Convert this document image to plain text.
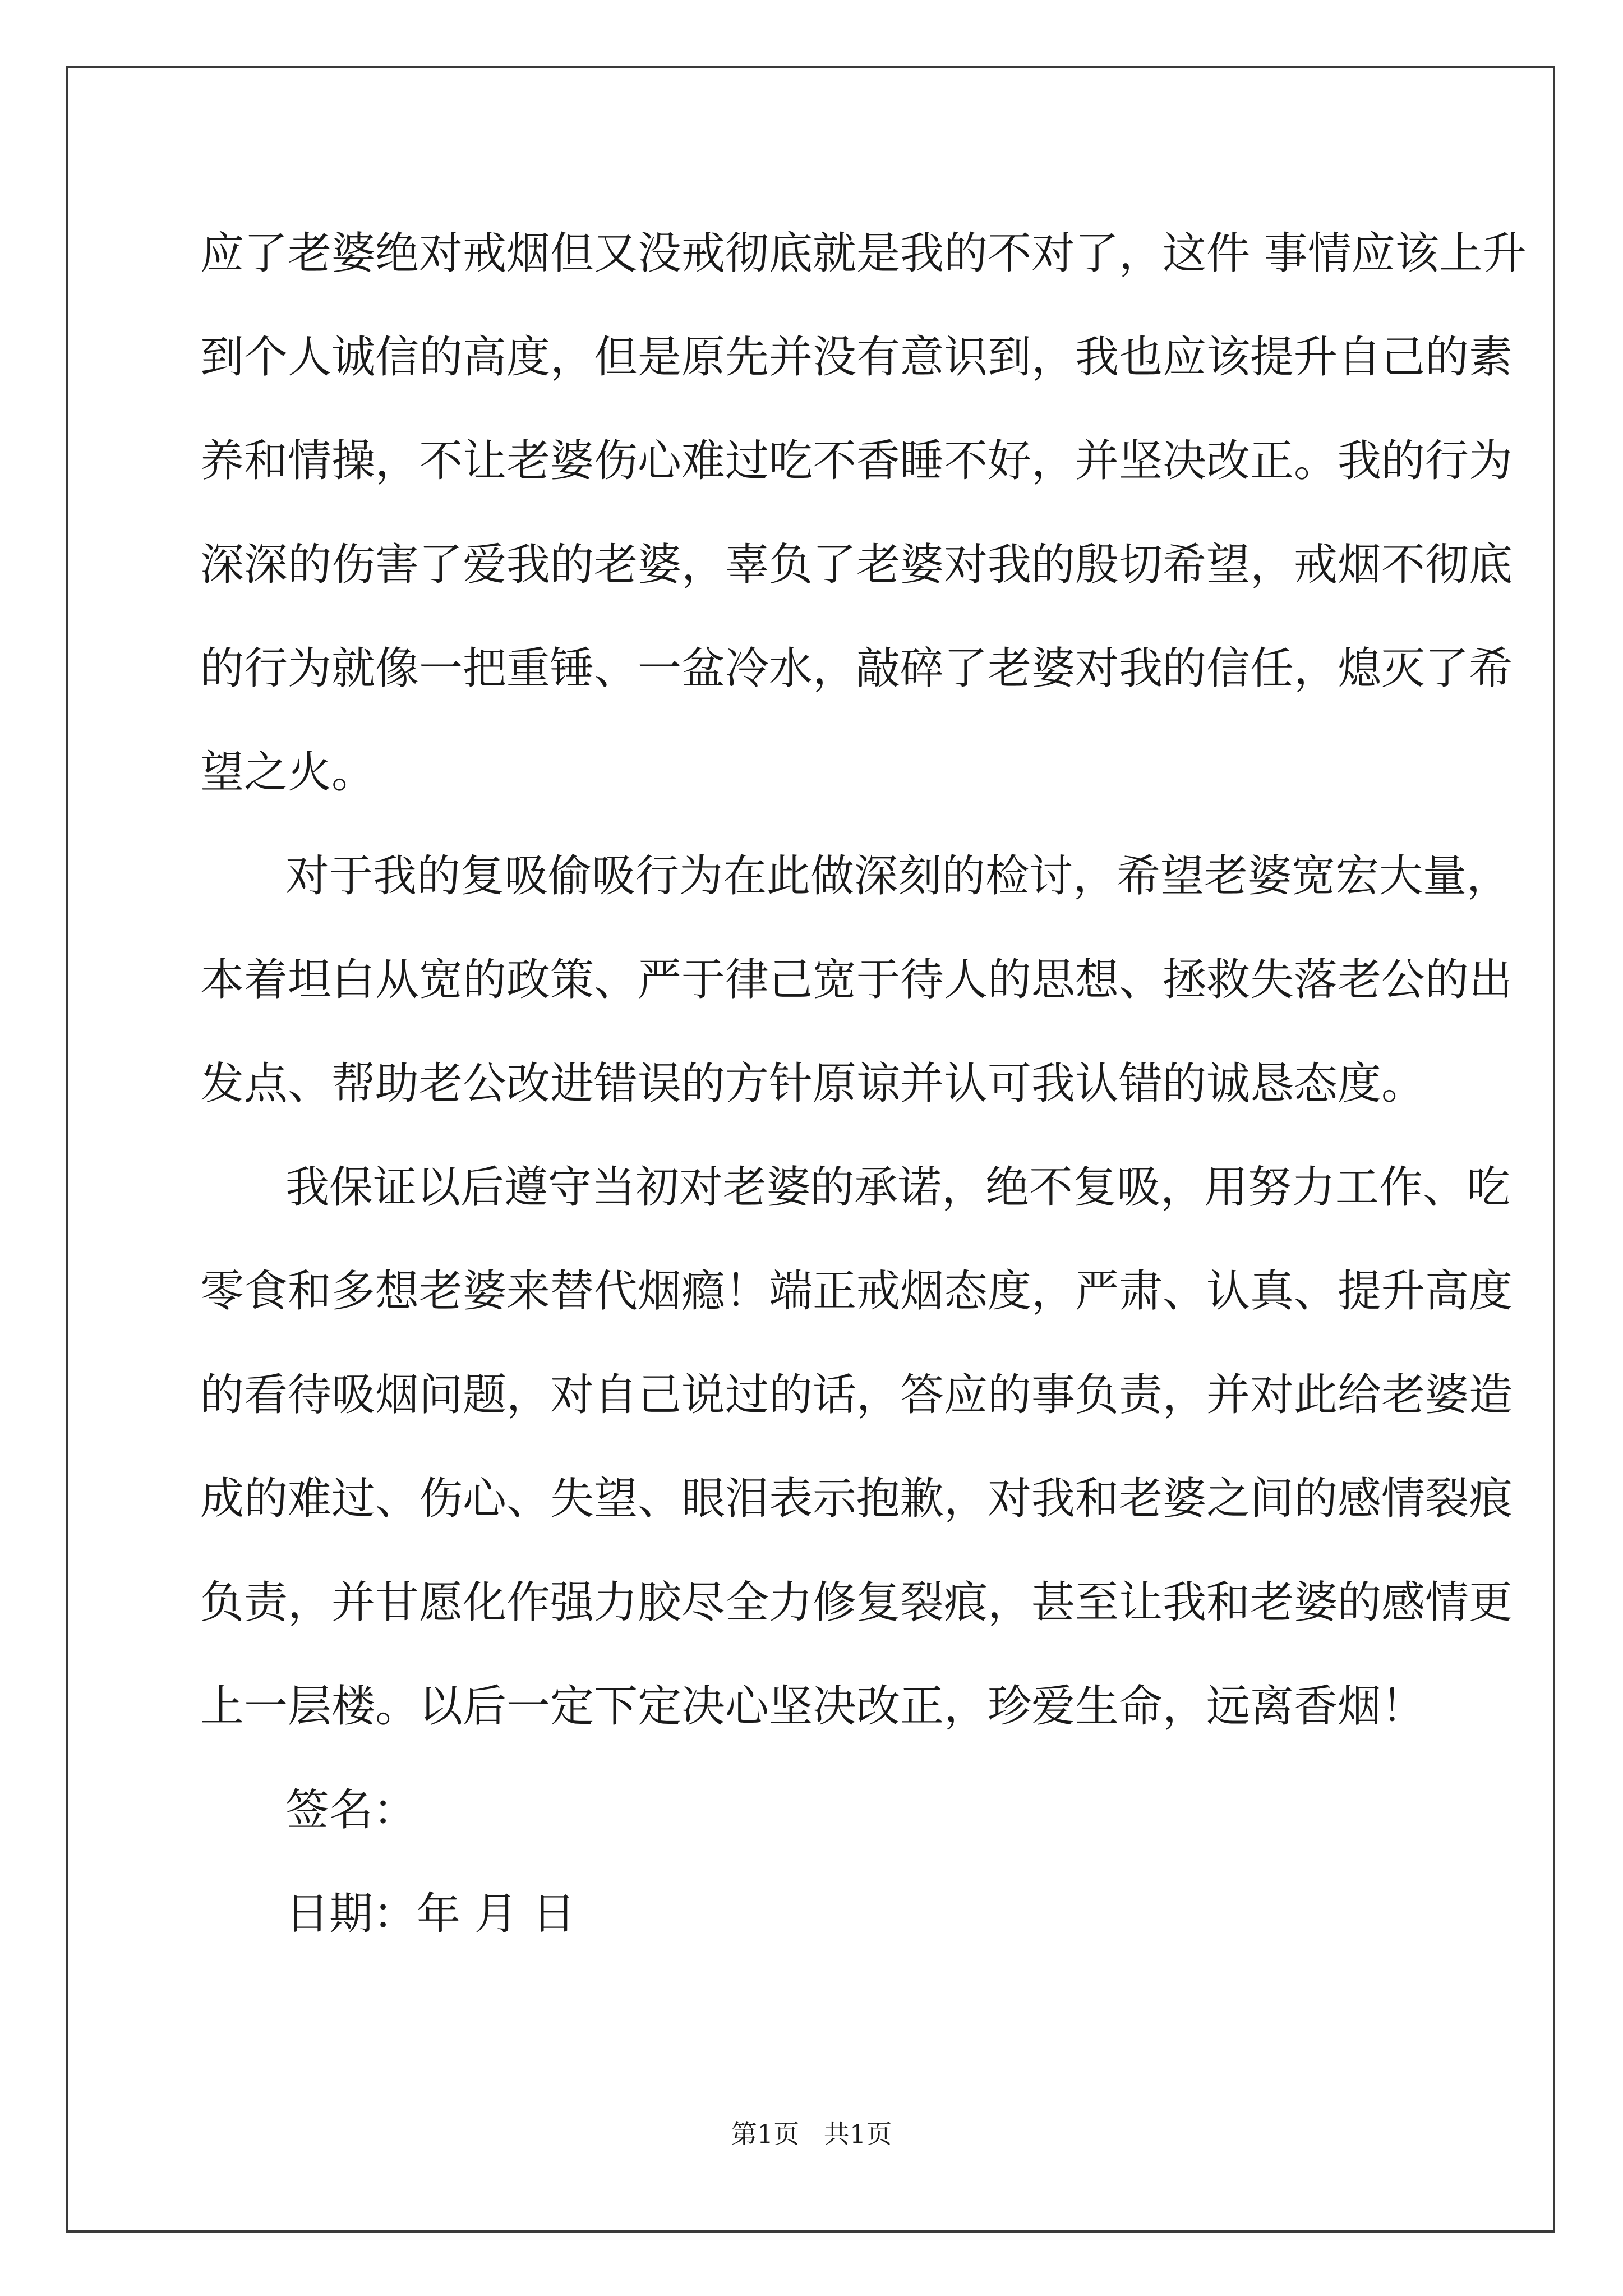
应了老婆绝对戒烟但又没戒彻底就是我的不对了，这件 事情应该上升
到个人诚信的高度，但是原先并没有意识到，我也应该提升自己的素
养和情操，不让老婆伤心难过吃不香睡不好，并坚决改正。我的行为
深深的伤害了爱我的老婆，辜负了老婆对我的殷切希望，戒烟不彻底
的行为就像一把重锤、一盆冷水，敲碎了老婆对我的信任，熄灭了希
望之火。
对于我的复吸偷吸行为在此做深刻的检讨，希望老婆宽宏大量，
本着坦白从宽的政策、严于律己宽于待人的思想、拯救失落老公的出
发点、帮助老公改进错误的方针原谅并认可我认错的诚恳态度。
我保证以后遵守当初对老婆的承诺，绝不复吸，用努力工作、吃
零食和多想老婆来替代烟瘾！端正戒烟态度，严肃、认真、提升高度
的看待吸烟问题，对自己说过的话，答应的事负责，并对此给老婆造
成的难过、伤心、失望、眼泪表示抱歉，对我和老婆之间的感情裂痕
负责，并甘愿化作强力胶尽全力修复裂痕，甚至让我和老婆的感情更
上一层楼。以后一定下定决心坚决改正，珍爱生命，远离香烟！
签名：
日期：年 月 日
第1页   共1页
